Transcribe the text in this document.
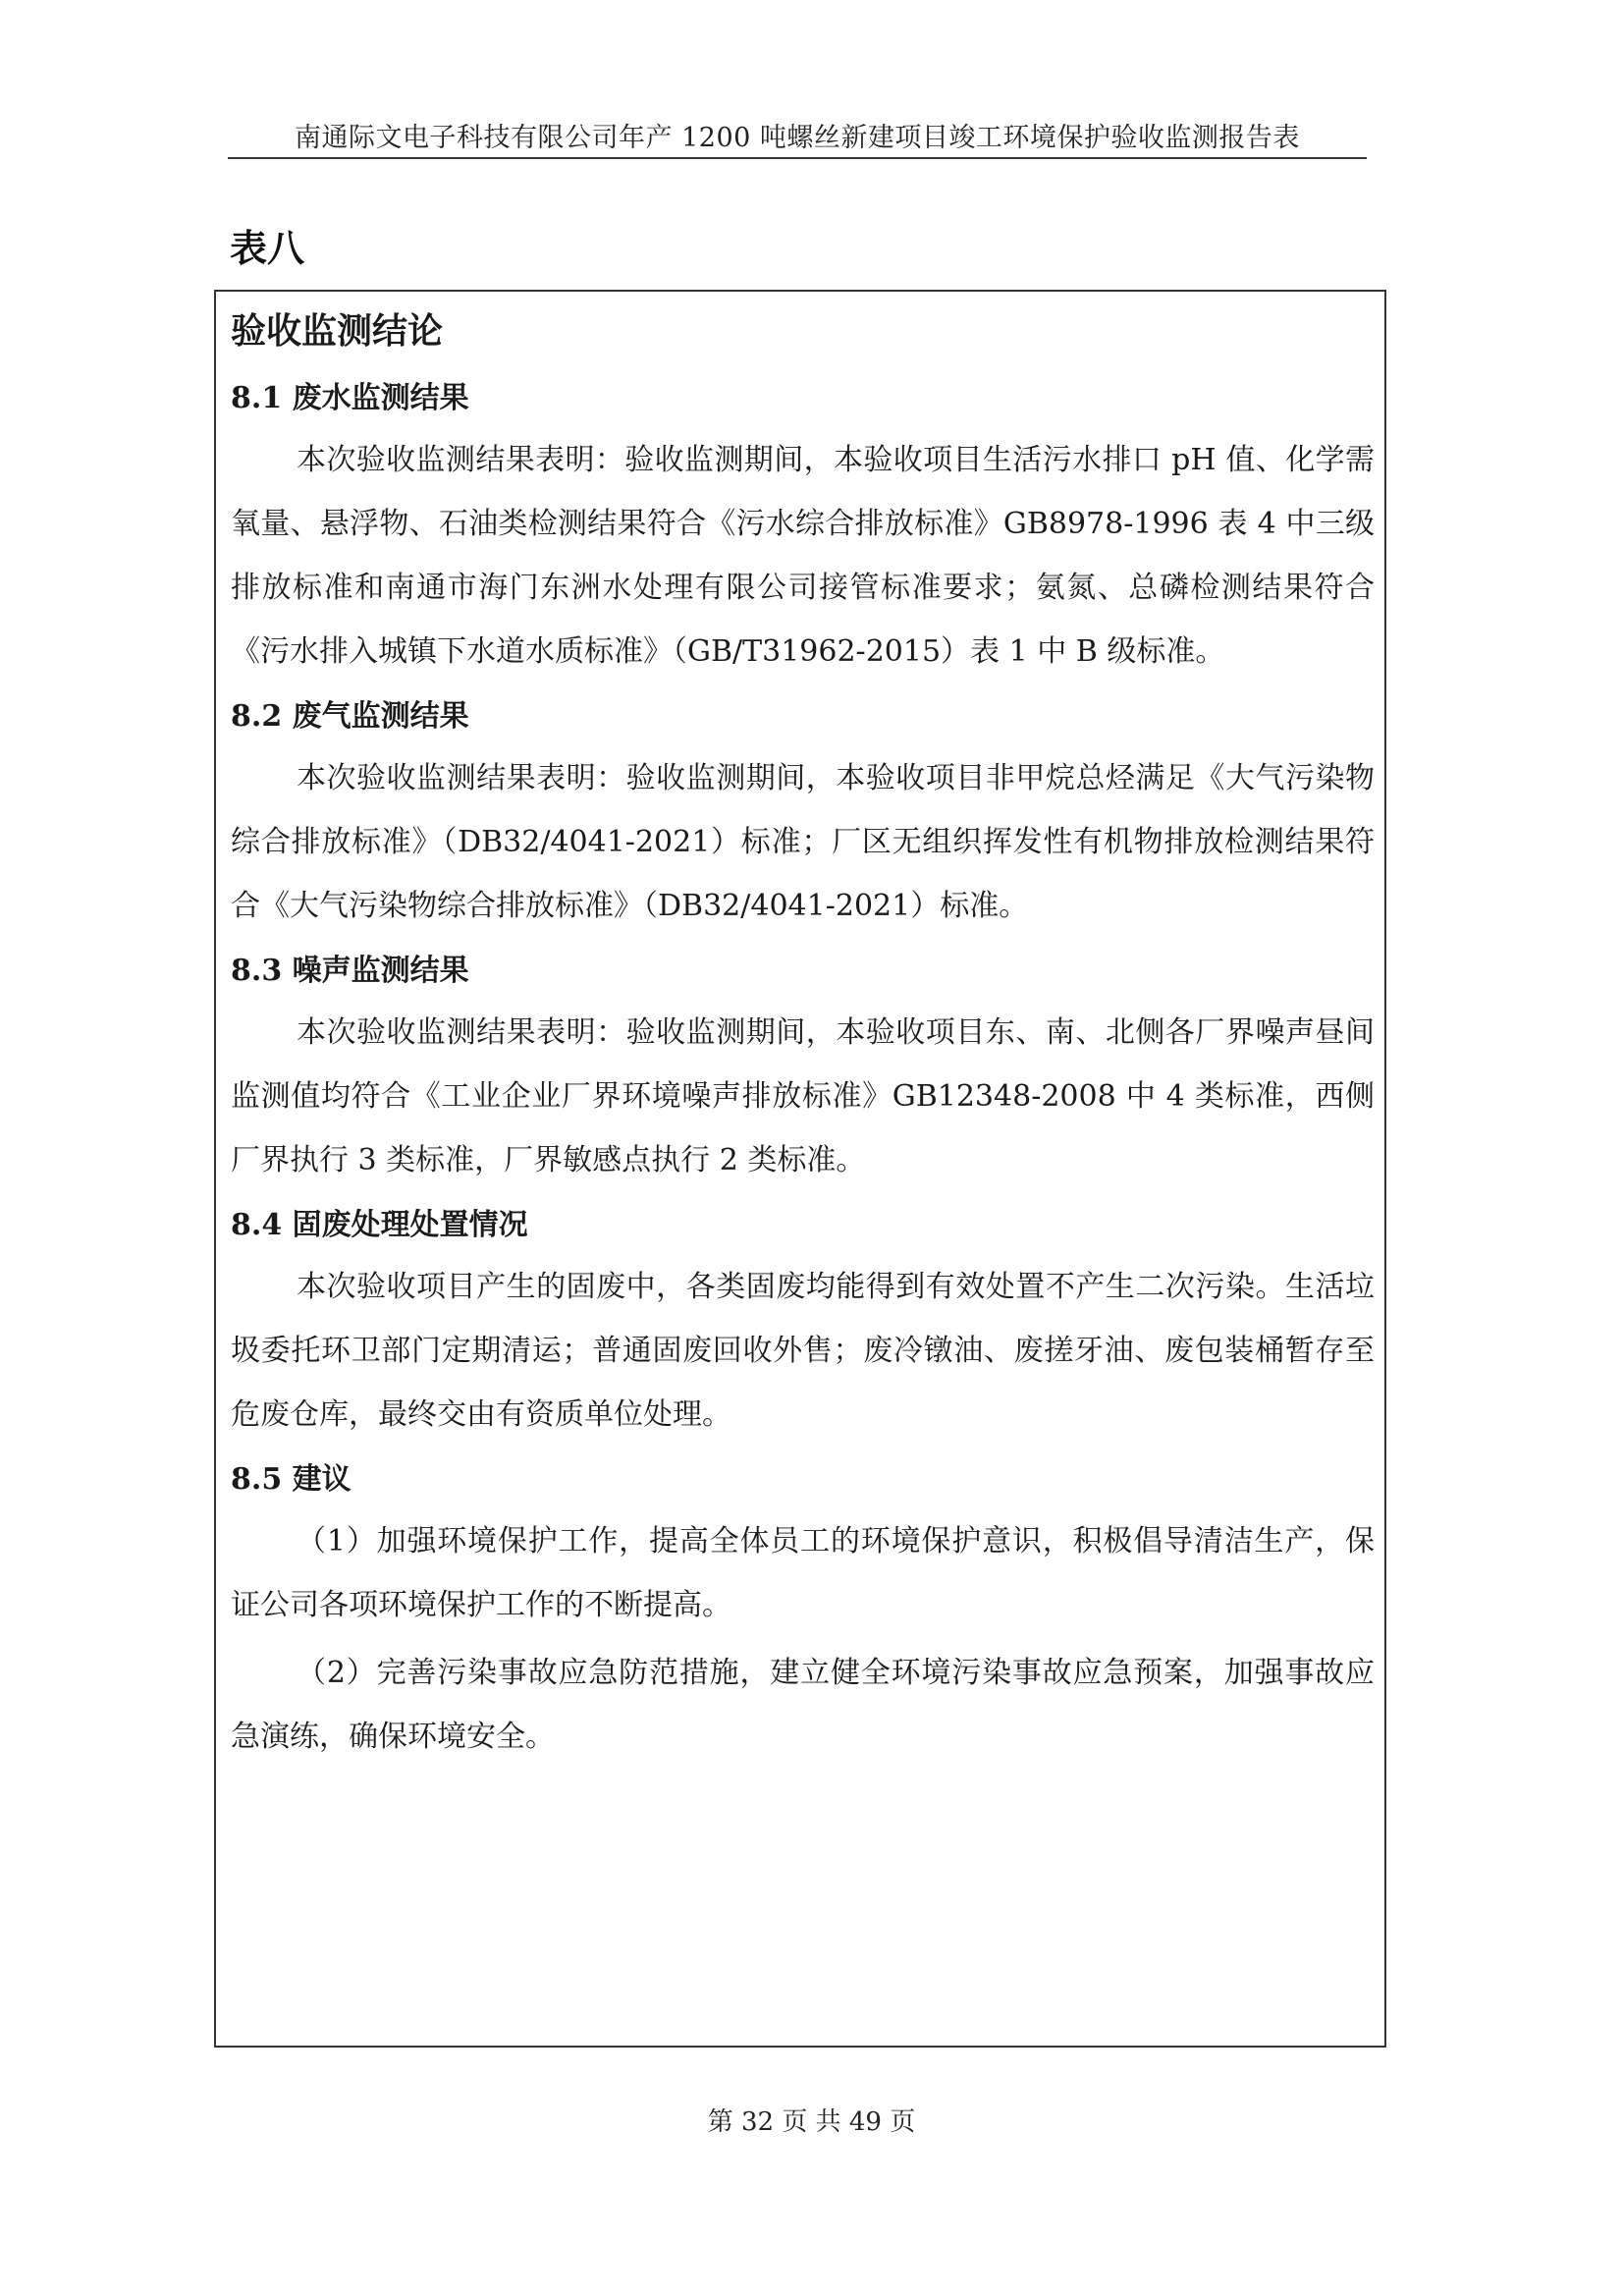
南通际文电子科技有限公司年产 1200 吨螺丝新建项目竣工环境保护验收监测报告表
表八
验收监测结论
8.1 废水监测结果

本次验收监测结果表明：验收监测期间，本验收项目生活污水排口 pH 值、化学需氧量、悬浮物、石油类检测结果符合《污水综合排放标准》GB8978-1996 表 4 中三级排放标准和南通市海门东洲水处理有限公司接管标准要求；氨氮、总磷检测结果符合《污水排入城镇下水道水质标准》（GB/T31962-2015）表 1 中 B 级标准。

8.2 废气监测结果

本次验收监测结果表明：验收监测期间，本验收项目非甲烷总烃满足《大气污染物综合排放标准》（DB32/4041-2021）标准；厂区无组织挥发性有机物排放检测结果符合《大气污染物综合排放标准》（DB32/4041-2021）标准。

8.3 噪声监测结果

本次验收监测结果表明：验收监测期间，本验收项目东、南、北侧各厂界噪声昼间监测值均符合《工业企业厂界环境噪声排放标准》GB12348-2008 中 4 类标准，西侧厂界执行 3 类标准，厂界敏感点执行 2 类标准。

8.4 固废处理处置情况

本次验收项目产生的固废中，各类固废均能得到有效处置不产生二次污染。生活垃圾委托环卫部门定期清运；普通固废回收外售；废冷镦油、废搓牙油、废包装桶暂存至危废仓库，最终交由有资质单位处理。

8.5 建议

（1）加强环境保护工作，提高全体员工的环境保护意识，积极倡导清洁生产，保证公司各项环境保护工作的不断提高。

（2）完善污染事故应急防范措施，建立健全环境污染事故应急预案，加强事故应急演练，确保环境安全。

第 32 页 共 49 页
